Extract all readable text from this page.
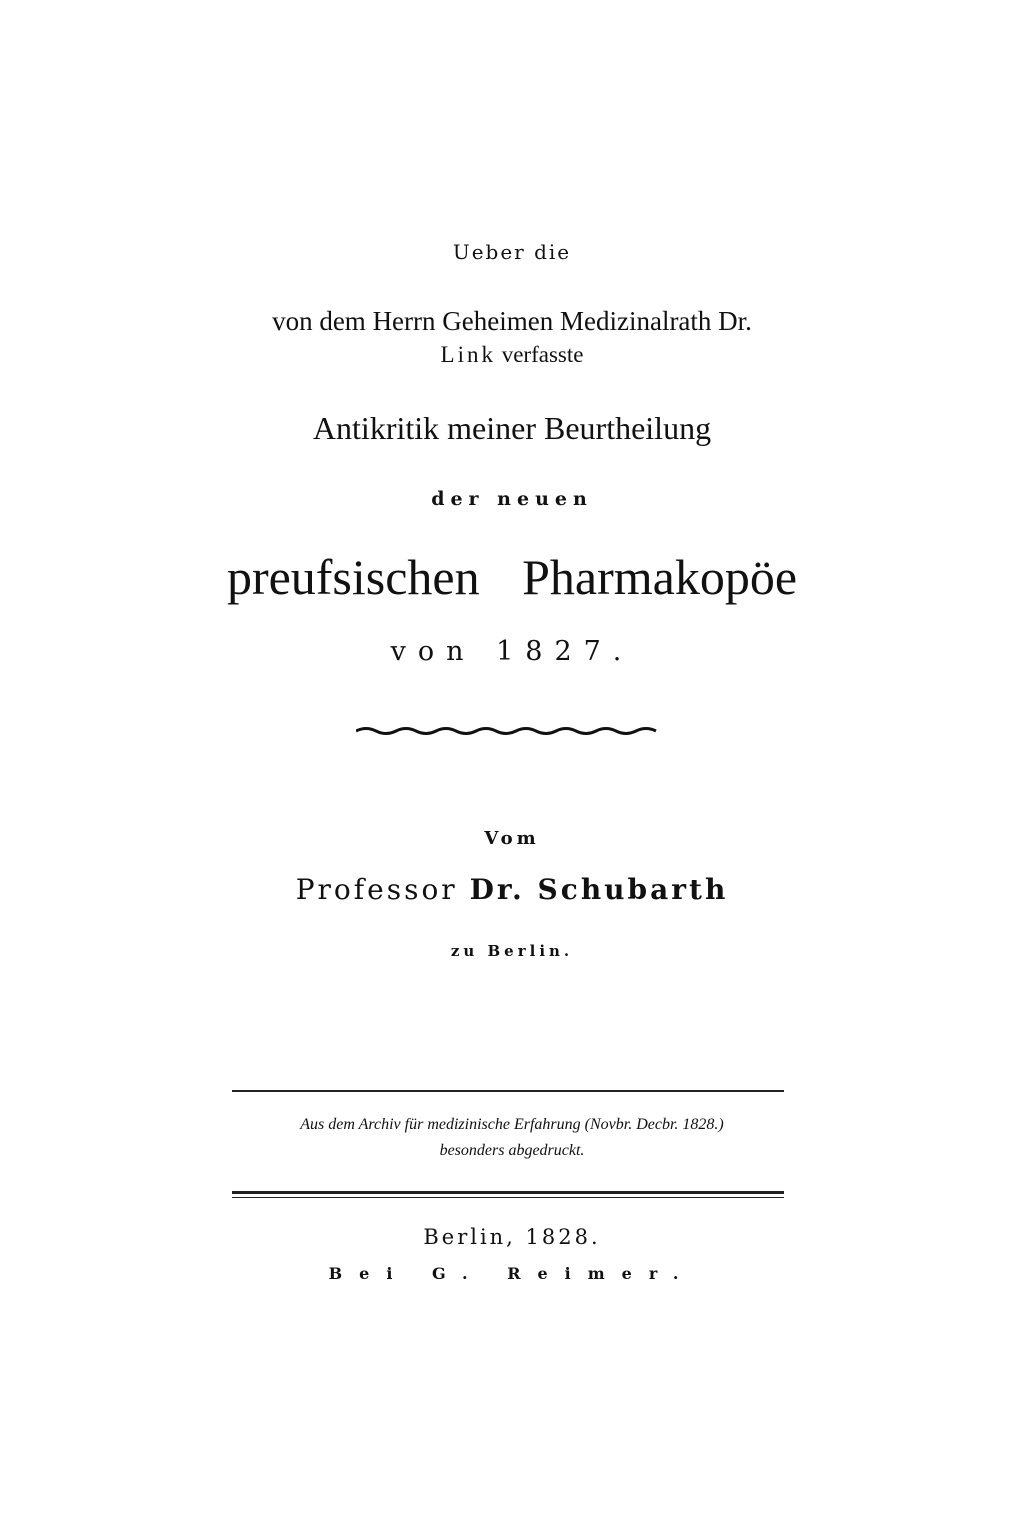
Ueber die
von dem Herrn Geheimen Medizinalrath Dr.
Link verfasste
Antikritik meiner Beurtheilung
der neuen
preufsischen Pharmakopöe
von 1827.
Vom
Professor Dr. Schubarth
zu Berlin.
Aus dem Archiv für medizinische Erfahrung (Novbr. Decbr. 1828.)
besonders abgedruckt.
Berlin, 1828.
Bei G. Reimer.
